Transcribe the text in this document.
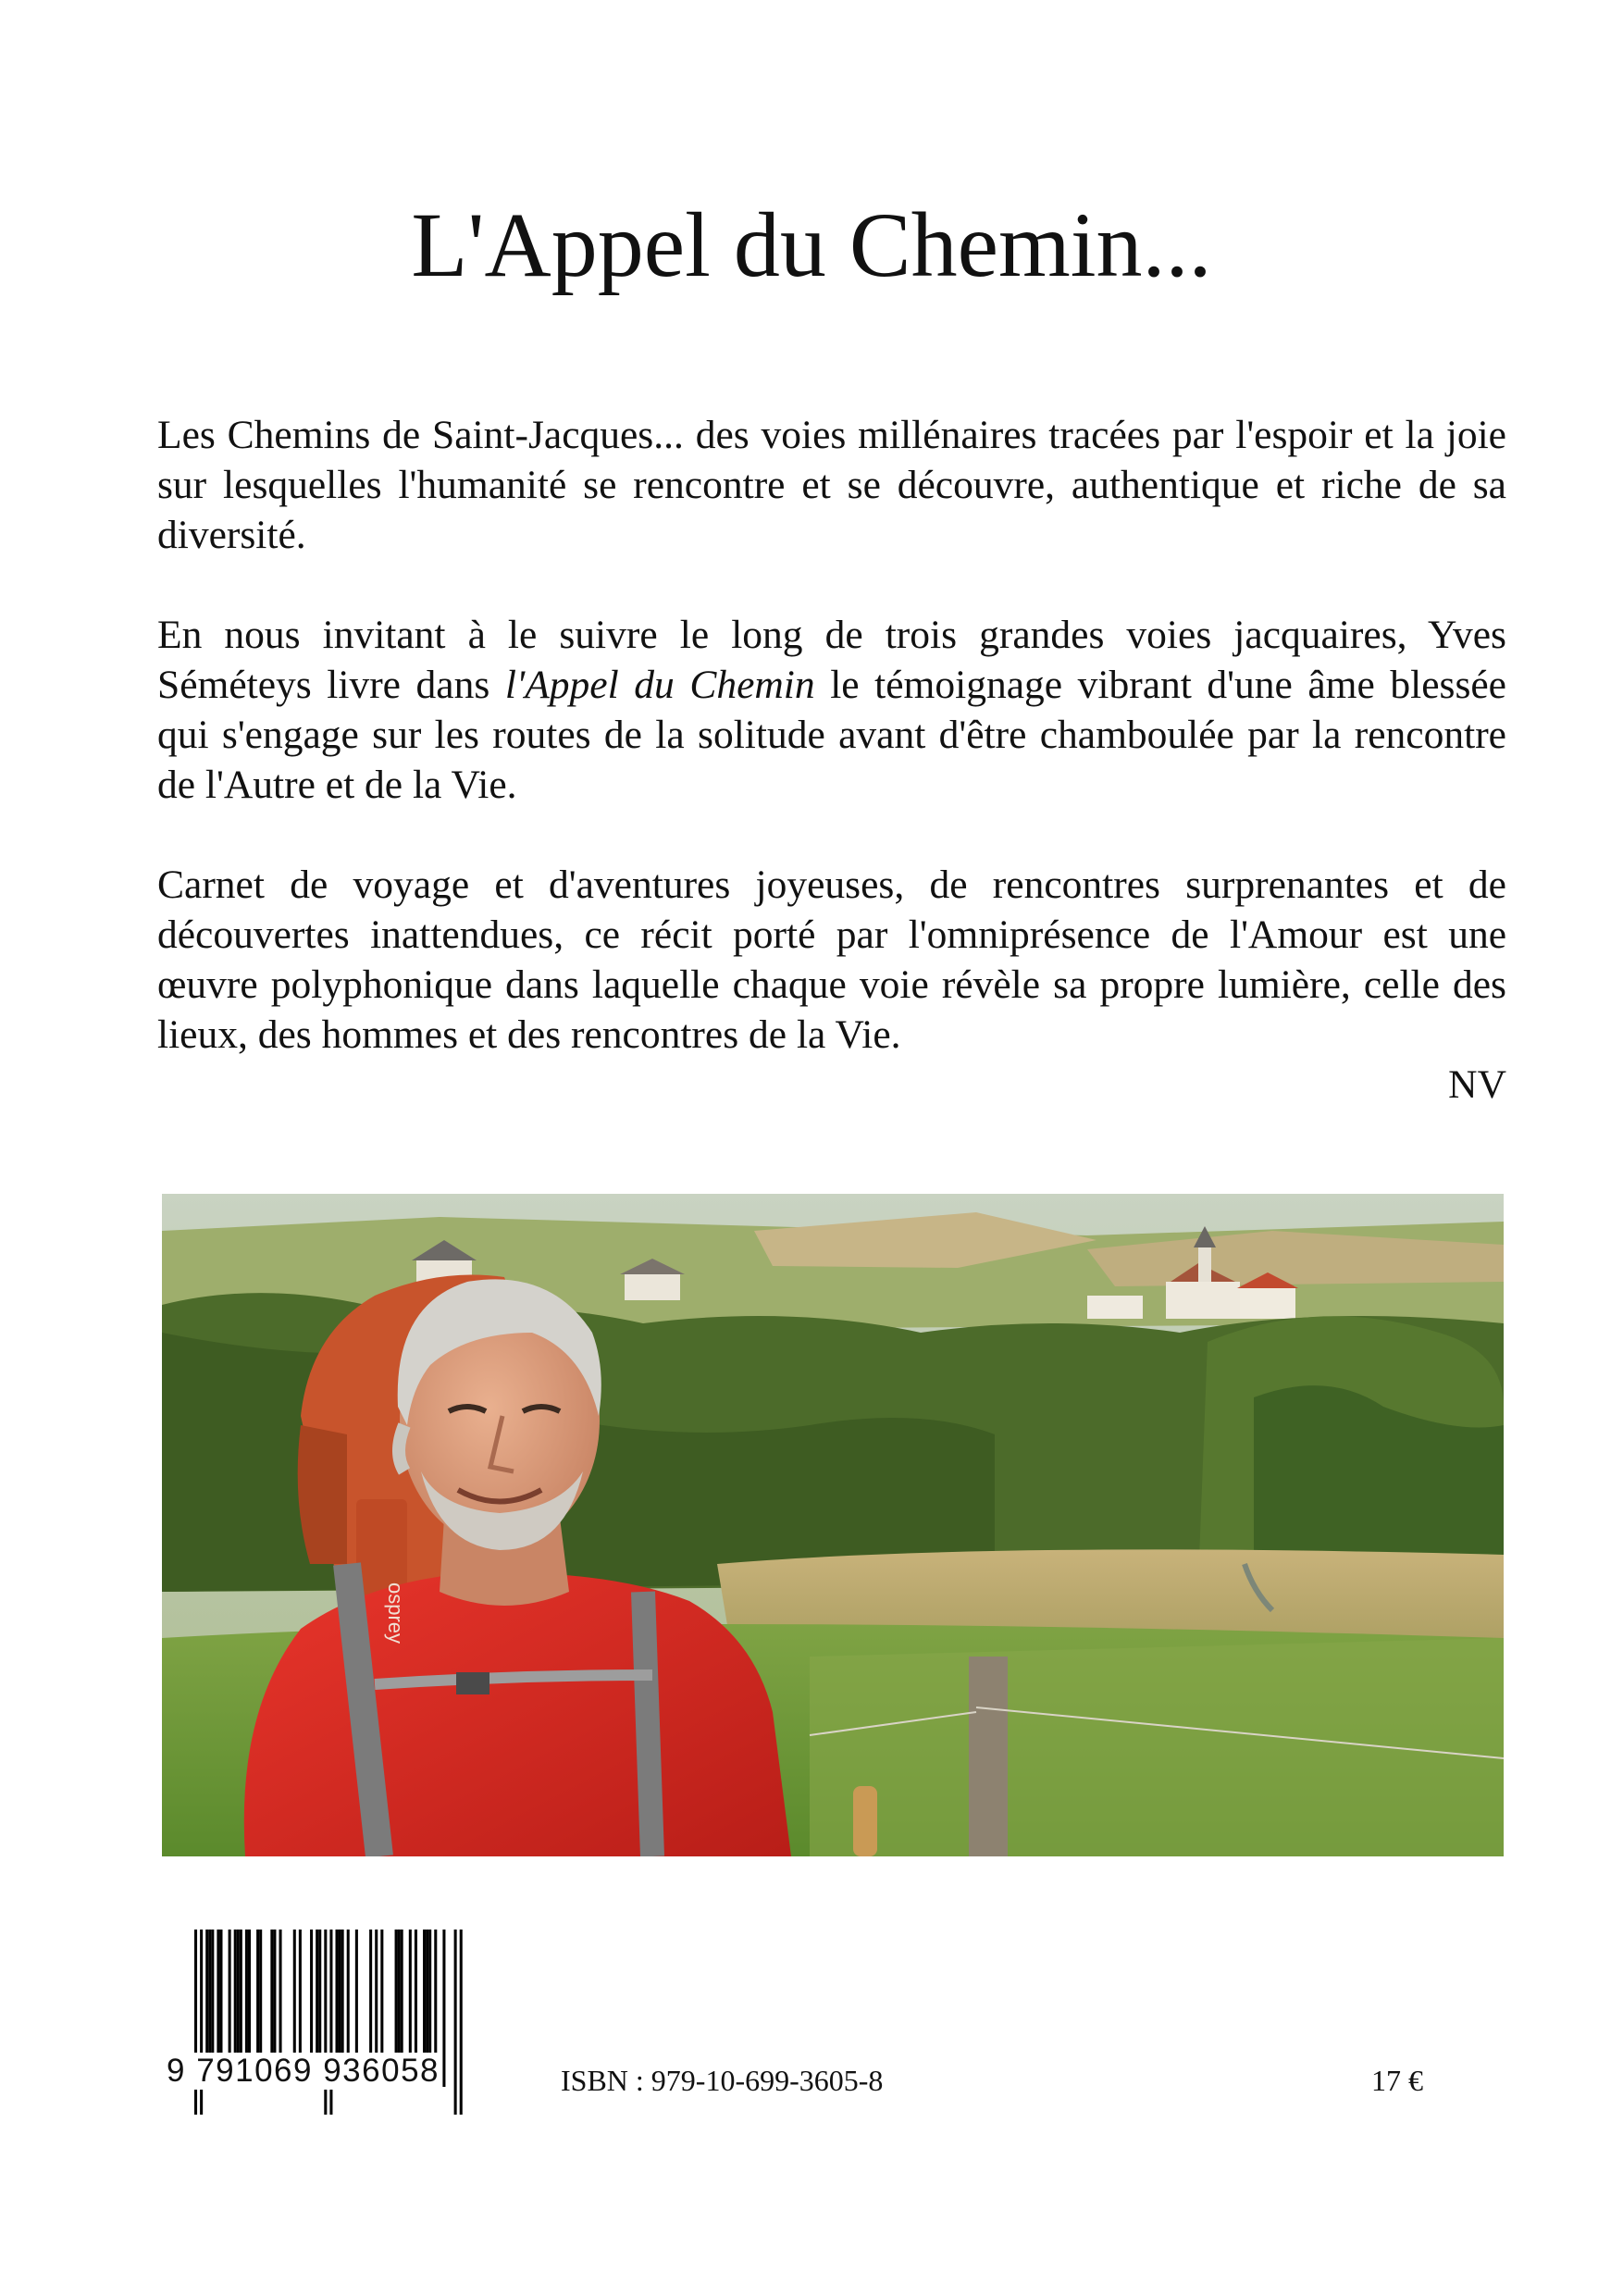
L'Appel du Chemin...

Les Chemins de Saint-Jacques... des voies millénaires tracées par l'espoir et la joie sur lesquelles l'humanité se rencontre et se découvre, authentique et riche de sa diversité.

En nous invitant à le suivre le long de trois grandes voies jacquaires, Yves Séméteys livre dans l'Appel du Chemin le témoignage vibrant d'une âme blessée qui s'engage sur les routes de la solitude avant d'être chamboulée par la rencontre de l'Autre et de la Vie.

Carnet de voyage et d'aventures joyeuses, de rencontres surprenantes et de découvertes inattendues, ce récit porté par l'omniprésence de l'Amour est une œuvre polyphonique dans laquelle chaque voie révèle sa propre lumière, celle des lieux, des hommes et des rencontres de la Vie.

NV

osprey
9 791069 936058	ISBN : 979-10-699-3605-8	17 €
